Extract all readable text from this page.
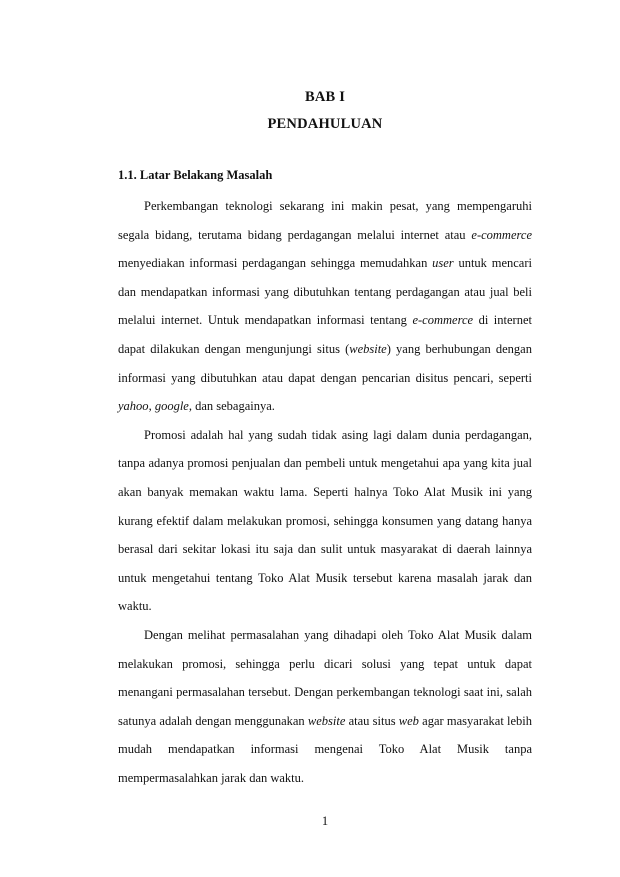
BAB I
PENDAHULUAN
1.1. Latar Belakang Masalah

Perkembangan teknologi sekarang ini makin pesat, yang mempengaruhi segala bidang, terutama bidang perdagangan melalui internet atau e-commerce menyediakan informasi perdagangan sehingga memudahkan user untuk mencari dan mendapatkan informasi yang dibutuhkan tentang perdagangan atau jual beli melalui internet. Untuk mendapatkan informasi tentang e-commerce di internet dapat dilakukan dengan mengunjungi situs (website) yang berhubungan dengan informasi yang dibutuhkan atau dapat dengan pencarian disitus pencari, seperti yahoo, google, dan sebagainya.

Promosi adalah hal yang sudah tidak asing lagi dalam dunia perdagangan, tanpa adanya promosi penjualan dan pembeli untuk mengetahui apa yang kita jual akan banyak memakan waktu lama. Seperti halnya Toko Alat Musik ini yang kurang efektif dalam melakukan promosi, sehingga konsumen yang datang hanya berasal dari sekitar lokasi itu saja dan sulit untuk masyarakat di daerah lainnya untuk mengetahui tentang Toko Alat Musik tersebut karena masalah jarak dan waktu.

Dengan melihat permasalahan yang dihadapi oleh Toko Alat Musik dalam melakukan promosi, sehingga perlu dicari solusi yang tepat untuk dapat menangani permasalahan tersebut. Dengan perkembangan teknologi saat ini, salah satunya adalah dengan menggunakan website atau situs web agar masyarakat lebih mudah mendapatkan informasi mengenai Toko Alat Musik tanpa mempermasalahkan jarak dan waktu.

1
